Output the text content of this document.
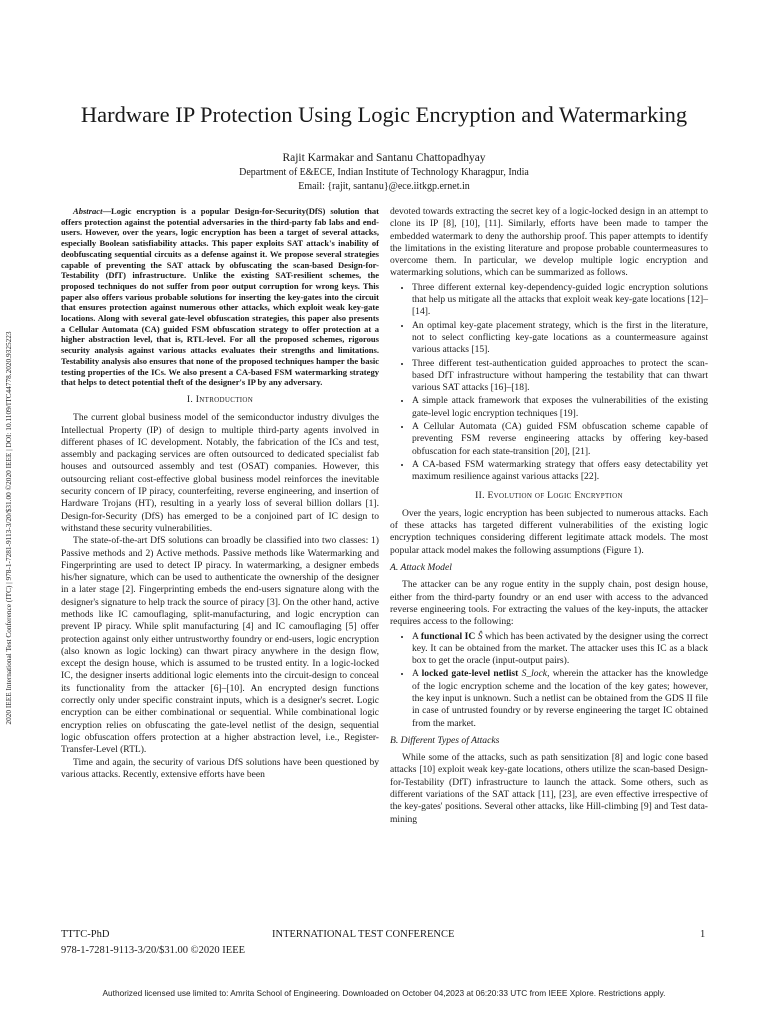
Hardware IP Protection Using Logic Encryption and Watermarking
Rajit Karmakar and Santanu Chattopadhyay
Department of E&ECE, Indian Institute of Technology Kharagpur, India
Email: {rajit, santanu}@ece.iitkgp.ernet.in
2020 IEEE International Test Conference (ITC) | 978-1-7281-9113-3/20/$31.00 ©2020 IEEE | DOI: 10.1109/ITC44778.2020.9325223

Abstract—Logic encryption is a popular Design-for-Security(DfS) solution that offers protection against the potential adversaries in the third-party fab labs and end-users. However, over the years, logic encryption has been a target of several attacks, especially Boolean satisfiability attacks. This paper exploits SAT attack's inability of deobfuscating sequential circuits as a defense against it. We propose several strategies capable of preventing the SAT attack by obfuscating the scan-based Design-for-Testability (DfT) infrastructure. Unlike the existing SAT-resilient schemes, the proposed techniques do not suffer from poor output corruption for wrong keys. This paper also offers various probable solutions for inserting the key-gates into the circuit that ensures protection against numerous other attacks, which exploit weak key-gate locations. Along with several gate-level obfuscation strategies, this paper also presents a Cellular Automata (CA) guided FSM obfuscation strategy to offer protection at a higher abstraction level, that is, RTL-level. For all the proposed schemes, rigorous security analysis against various attacks evaluates their strengths and limitations. Testability analysis also ensures that none of the proposed techniques hamper the basic testing properties of the ICs. We also present a CA-based FSM watermarking strategy that helps to detect potential theft of the designer's IP by any adversary.

I. Introduction

The current global business model of the semiconductor industry divulges the Intellectual Property (IP) of design to multiple third-party agents involved in different phases of IC development. Notably, the fabrication of the ICs and test, assembly and packaging services are often outsourced to dedicated specialist fab houses and outsourced assembly and test (OSAT) companies. However, this outsourcing reliant cost-effective global business model reinforces the inevitable security concern of IP piracy, counterfeiting, reverse engineering, and insertion of Hardware Trojans (HT), resulting in a yearly loss of several billion dollars [1]. Design-for-Security (DfS) has emerged to be a conjoined part of IC design to withstand these security vulnerabilities.

The state-of-the-art DfS solutions can broadly be classified into two classes: 1) Passive methods and 2) Active methods. Passive methods like Watermarking and Fingerprinting are used to detect IP piracy. In watermarking, a designer embeds his/her signature, which can be used to authenticate the ownership of the designer in a later stage [2]. Fingerprinting embeds the end-users signature along with the designer's signature to help track the source of piracy [3]. On the other hand, active methods like IC camouflaging, split-manufacturing, and logic encryption can prevent IP piracy. While split manufacturing [4] and IC camouflaging [5] offer protection against only either untrustworthy foundry or end-users, logic encryption (also known as logic locking) can thwart piracy anywhere in the design flow, except the design house, which is assumed to be trusted entity. In a logic-locked IC, the designer inserts additional logic elements into the circuit-design to conceal its functionality from the attacker [6]–[10]. An encrypted design functions correctly only under specific constraint inputs, which is a designer's secret. Logic encryption can be either combinational or sequential. While combinational logic encryption relies on obfuscating the gate-level netlist of the design, sequential logic obfuscation offers protection at a higher abstraction level, i.e., Register-Transfer-Level (RTL).

Time and again, the security of various DfS solutions have been questioned by various attacks. Recently, extensive efforts have been

devoted towards extracting the secret key of a logic-locked design in an attempt to clone its IP [8], [10], [11]. Similarly, efforts have been made to tamper the embedded watermark to deny the authorship proof. This paper attempts to identify the limitations in the existing literature and propose probable countermeasures to overcome them. In particular, we develop multiple logic encryption and watermarking solutions, which can be summarized as follows.

• Three different external key-dependency-guided logic encryption solutions that help us mitigate all the attacks that exploit weak key-gate locations [12]–[14].
• An optimal key-gate placement strategy, which is the first in the literature, not to select conflicting key-gate locations as a countermeasure against various attacks [15].
• Three different test-authentication guided approaches to protect the scan-based DfT infrastructure without hampering the testability that can thwart various SAT attacks [16]–[18].
• A simple attack framework that exposes the vulnerabilities of the existing gate-level logic encryption techniques [19].
• A Cellular Automata (CA) guided FSM obfuscation scheme capable of preventing FSM reverse engineering attacks by offering key-based obfuscation for each state-transition [20], [21].
• A CA-based FSM watermarking strategy that offers easy detectability yet maximum resilience against various attacks [22].
II. Evolution of Logic Encryption

Over the years, logic encryption has been subjected to numerous attacks. Each of these attacks has targeted different vulnerabilities of the existing logic encryption techniques considering different legitimate attack models. The most popular attack model makes the following assumptions (Figure 1).

A. Attack Model

The attacker can be any rogue entity in the supply chain, post design house, either from the third-party foundry or an end user with access to the advanced reverse engineering tools. For extracting the values of the key-inputs, the attacker requires access to the following:

• A functional IC Ŝ which has been activated by the designer using the correct key. It can be obtained from the market. The attacker uses this IC as a black box to get the oracle (input-output pairs).
• A locked gate-level netlist S_lock, wherein the attacker has the knowledge of the logic encryption scheme and the location of the key gates; however, the key input is unknown. Such a netlist can be obtained from the GDS II file in case of untrusted foundry or by reverse engineering the target IC obtained from the market.
B. Different Types of Attacks

While some of the attacks, such as path sensitization [8] and logic cone based attacks [10] exploit weak key-gate locations, others utilize the scan-based Design-for-Testability (DfT) infrastructure to launch the attack. Some others, such as different variations of the SAT attack [11], [23], are even effective irrespective of the key-gates' positions. Several other attacks, like Hill-climbing [9] and Test data-mining

TTTC-PhD	INTERNATIONAL TEST CONFERENCE	1
978-1-7281-9113-3/20/$31.00 ©2020 IEEE
Authorized licensed use limited to: Amrita School of Engineering. Downloaded on October 04,2023 at 06:20:33 UTC from IEEE Xplore. Restrictions apply.
